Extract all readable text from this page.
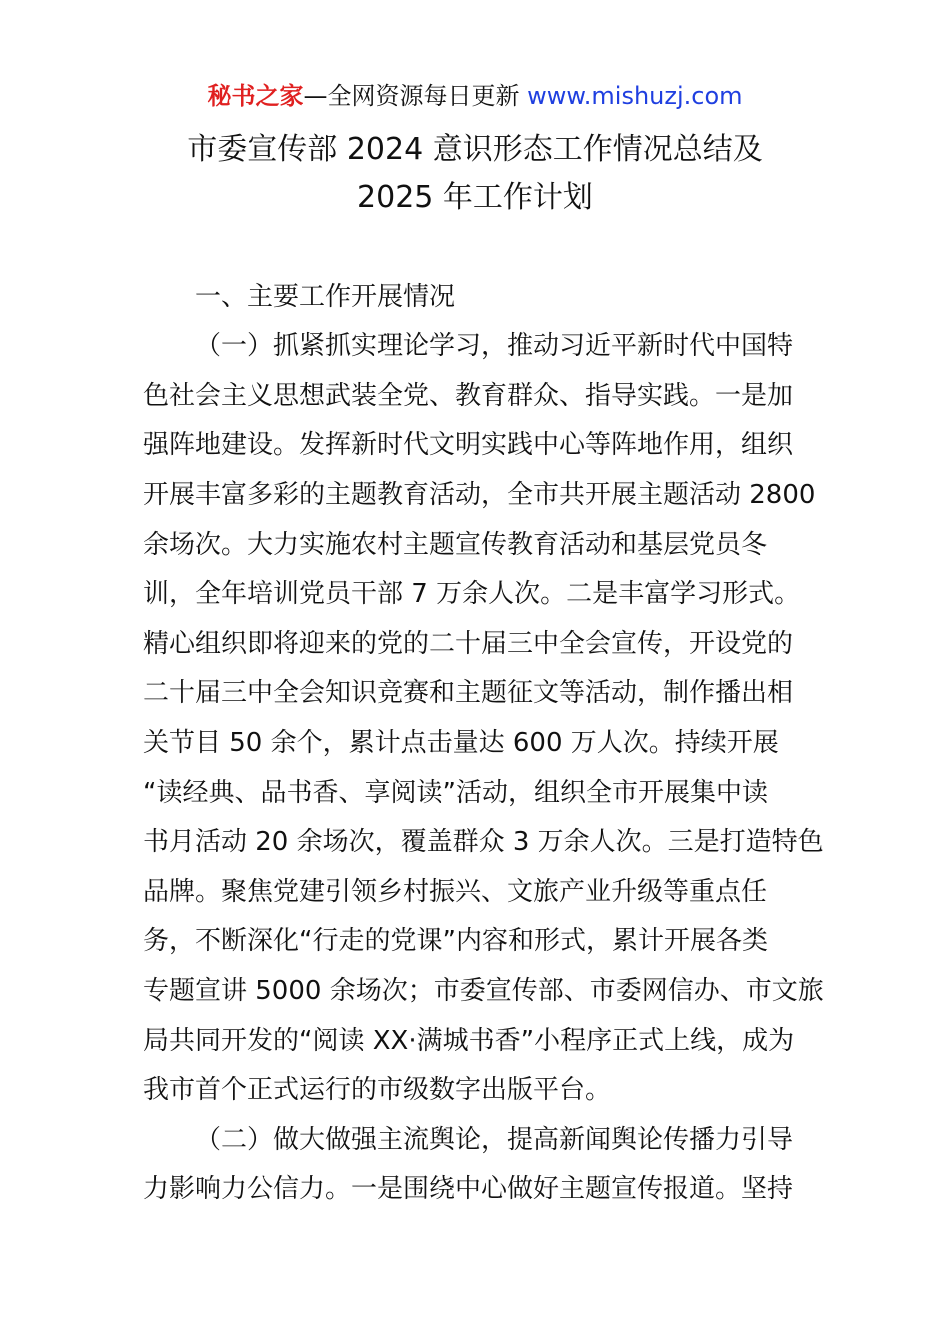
秘书之家—全网资源每日更新 www.mishuzj.com
市委宣传部 2024 意识形态工作情况总结及
2025 年工作计划
一、主要工作开展情况
（一）抓紧抓实理论学习，推动习近平新时代中国特
色社会主义思想武装全党、教育群众、指导实践。一是加
强阵地建设。发挥新时代文明实践中心等阵地作用，组织
开展丰富多彩的主题教育活动，全市共开展主题活动 2800
余场次。大力实施农村主题宣传教育活动和基层党员冬
训，全年培训党员干部 7 万余人次。二是丰富学习形式。
精心组织即将迎来的党的二十届三中全会宣传，开设党的
二十届三中全会知识竞赛和主题征文等活动，制作播出相
关节目 50 余个，累计点击量达 600 万人次。持续开展
“读经典、品书香、享阅读”活动，组织全市开展集中读
书月活动 20 余场次，覆盖群众 3 万余人次。三是打造特色
品牌。聚焦党建引领乡村振兴、文旅产业升级等重点任
务，不断深化“行走的党课”内容和形式，累计开展各类
专题宣讲 5000 余场次；市委宣传部、市委网信办、市文旅
局共同开发的“阅读 XX·满城书香”小程序正式上线，成为
我市首个正式运行的市级数字出版平台。
（二）做大做强主流舆论，提高新闻舆论传播力引导
力影响力公信力。一是围绕中心做好主题宣传报道。坚持
